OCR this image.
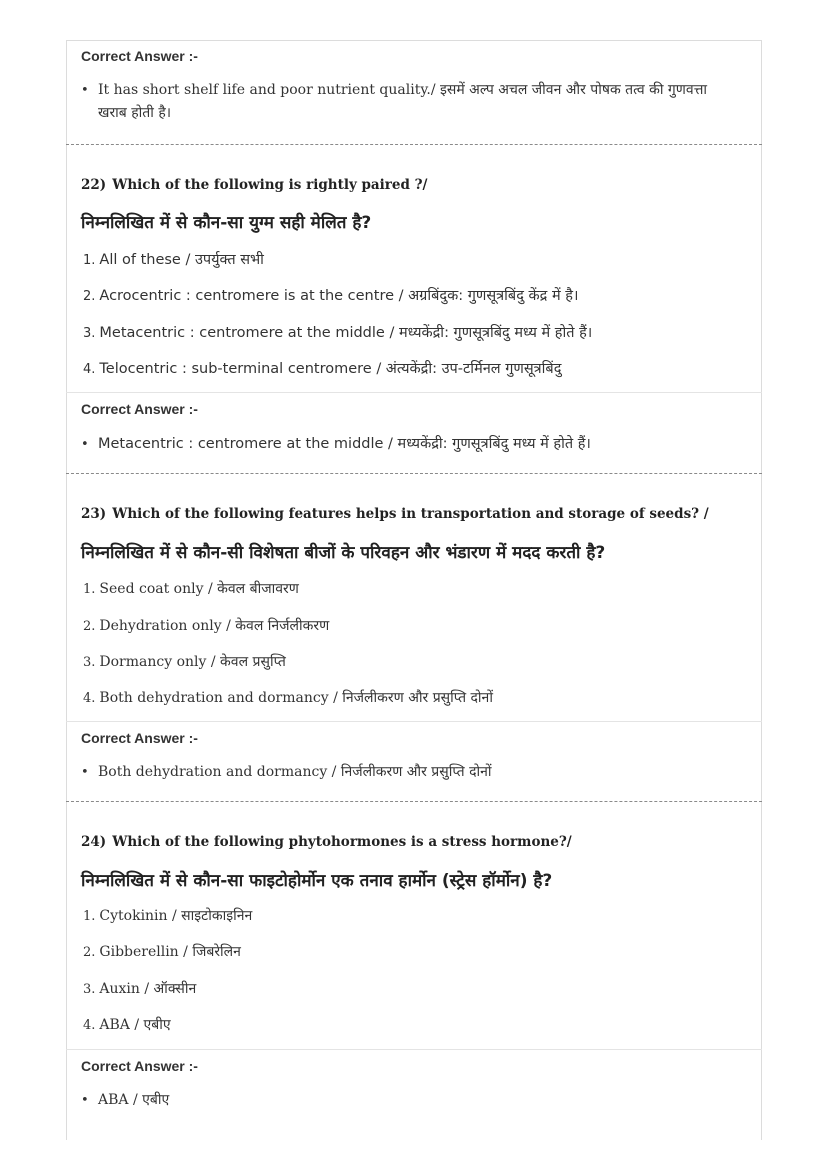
Correct Answer :-
• It has short shelf life and poor nutrient quality./ इसमें अल्प अचल जीवन और पोषक तत्व की गुणवत्ता
खराब होती है।
22) Which of the following is rightly paired ?/
निम्नलिखित में से कौन-सा युग्म सही मेलित है?
1. All of these / उपर्युक्त सभी
2. Acrocentric : centromere is at the centre / अग्रबिंदुक: गुणसूत्रबिंदु केंद्र में है।
3. Metacentric : centromere at the middle / मध्यकेंद्री: गुणसूत्रबिंदु मध्य में होते हैं।
4. Telocentric : sub-terminal centromere / अंत्यकेंद्री: उप-टर्मिनल गुणसूत्रबिंदु
Correct Answer :-
• Metacentric : centromere at the middle / मध्यकेंद्री: गुणसूत्रबिंदु मध्य में होते हैं।
23) Which of the following features helps in transportation and storage of seeds? /
निम्नलिखित में से कौन-सी विशेषता बीजों के परिवहन और भंडारण में मदद करती है?
1. Seed coat only / केवल बीजावरण
2. Dehydration only / केवल निर्जलीकरण
3. Dormancy only / केवल प्रसुप्ति
4. Both dehydration and dormancy / निर्जलीकरण और प्रसुप्ति दोनों
Correct Answer :-
• Both dehydration and dormancy / निर्जलीकरण और प्रसुप्ति दोनों
24) Which of the following phytohormones is a stress hormone?/
निम्नलिखित में से कौन-सा फाइटोहोर्मोन एक तनाव हार्मोन (स्ट्रेस हॉर्मोन) है?
1. Cytokinin / साइटोकाइनिन
2. Gibberellin / जिबरेलिन
3. Auxin / ऑक्सीन
4. ABA / एबीए
Correct Answer :-
• ABA / एबीए
